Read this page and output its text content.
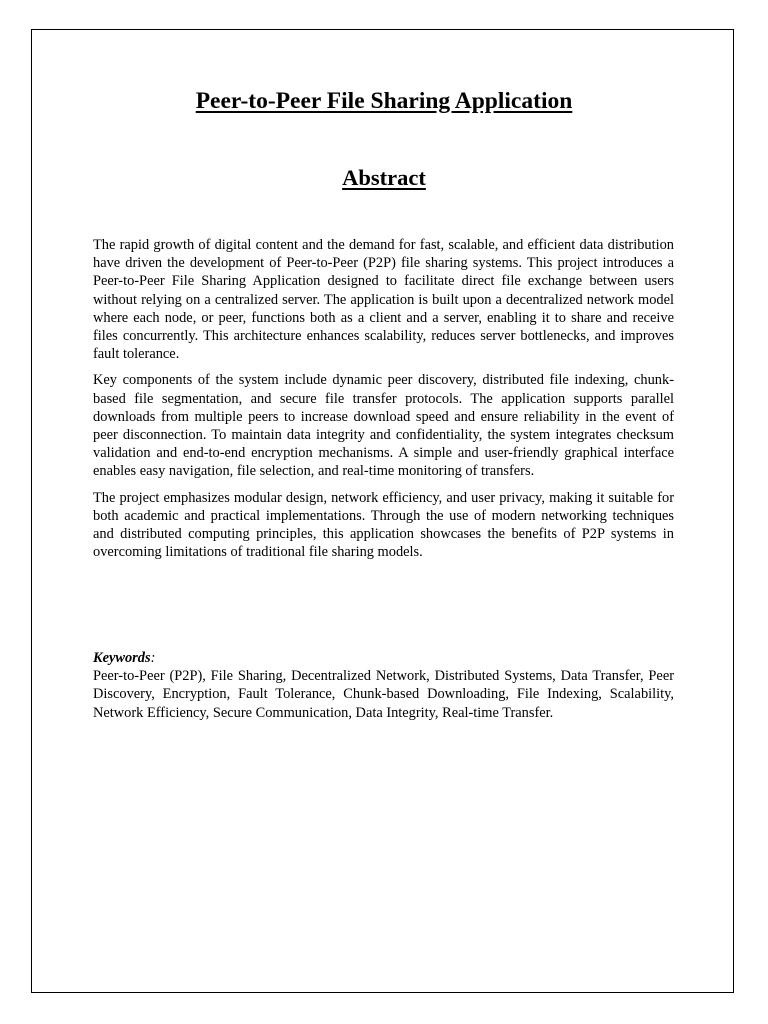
Peer-to-Peer File Sharing Application
Abstract

The rapid growth of digital content and the demand for fast, scalable, and efficient data distribution have driven the development of Peer-to-Peer (P2P) file sharing systems. This project introduces a Peer-to-Peer File Sharing Application designed to facilitate direct file exchange between users without relying on a centralized server. The application is built upon a decentralized network model where each node, or peer, functions both as a client and a server, enabling it to share and receive files concurrently. This architecture enhances scalability, reduces server bottlenecks, and improves fault tolerance.

Key components of the system include dynamic peer discovery, distributed file indexing, chunk-based file segmentation, and secure file transfer protocols. The application supports parallel downloads from multiple peers to increase download speed and ensure reliability in the event of peer disconnection. To maintain data integrity and confidentiality, the system integrates checksum validation and end-to-end encryption mechanisms. A simple and user-friendly graphical interface enables easy navigation, file selection, and real-time monitoring of transfers.

The project emphasizes modular design, network efficiency, and user privacy, making it suitable for both academic and practical implementations. Through the use of modern networking techniques and distributed computing principles, this application showcases the benefits of P2P systems in overcoming limitations of traditional file sharing models.

Keywords:

Peer-to-Peer (P2P), File Sharing, Decentralized Network, Distributed Systems, Data Transfer, Peer Discovery, Encryption, Fault Tolerance, Chunk-based Downloading, File Indexing, Scalability, Network Efficiency, Secure Communication, Data Integrity, Real-time Transfer.
